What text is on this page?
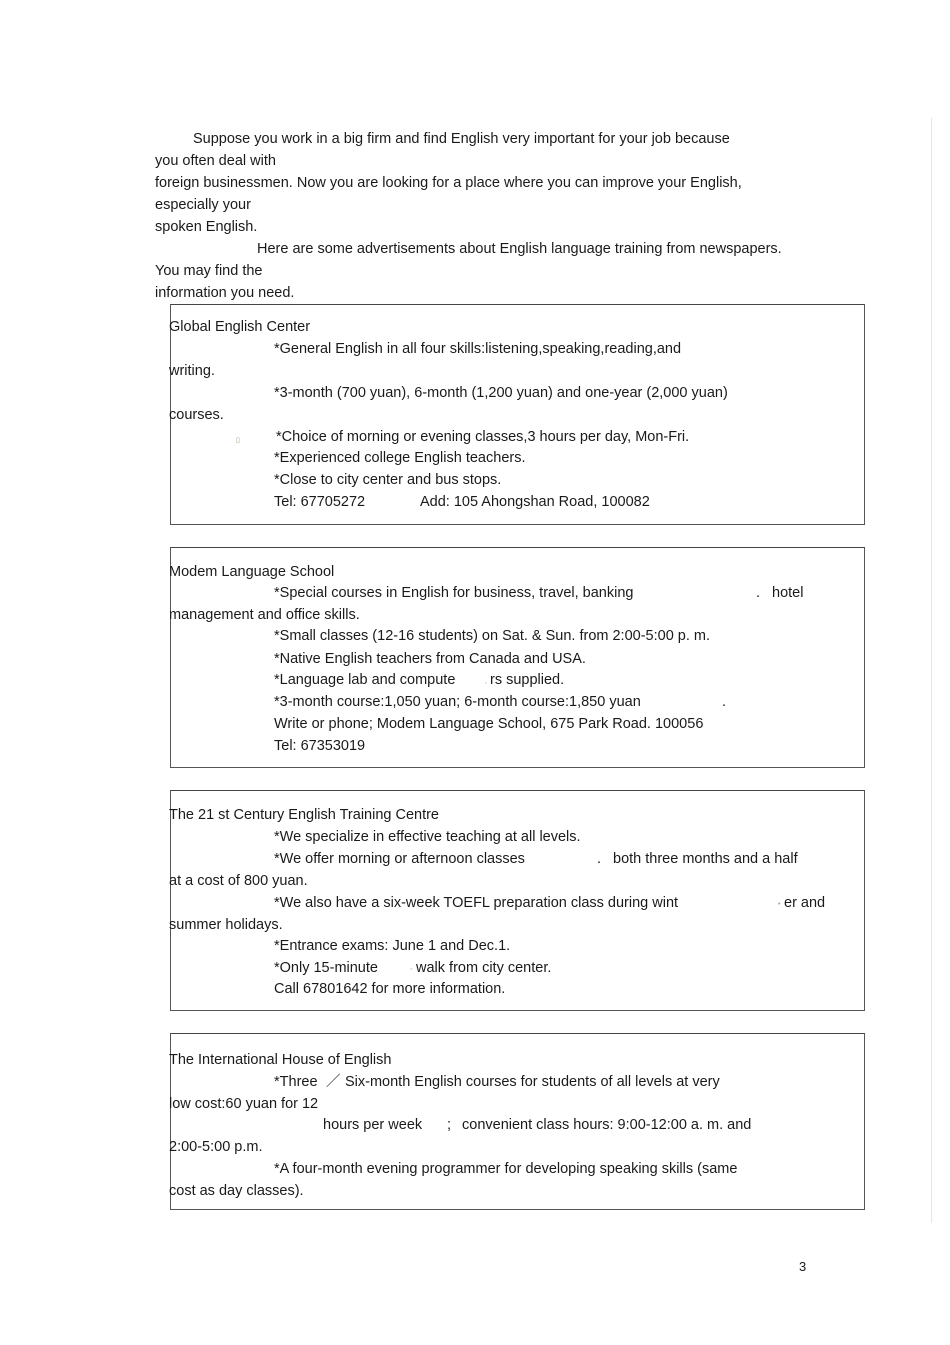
Suppose you work in a big firm and find English very important for your job because
you often deal with
foreign businessmen. Now you are looking for a place where you can improve your English,
especially your
spoken English.
Here are some advertisements about English language training from newspapers.
You may find the
information you need.
Global English Center
*General English in all four skills:listening,speaking,reading,and
writing.
*3-month (700 yuan), 6-month (1,200 yuan) and one-year (2,000 yuan)
courses.
▯ *Choice of morning or evening classes,3 hours per day, Mon-Fri.
*Experienced college English teachers.
*Close to city center and bus stops.
Tel: 67705272	Add: 105 Ahongshan Road, 100082
Modem Language School
*Special courses in English for business, travel, banking	. hotel
management and office skills.
*Small classes (12-16 students) on Sat. & Sun. from 2:00-5:00 p. m.
*Native English teachers from Canada and USA.
*Language lab and compute	, rs supplied.
*3-month course:1,050 yuan; 6-month course:1,850 yuan	.
Write or phone; Modem Language School, 675 Park Road. 100056
Tel: 67353019
The 21 st Century English Training Centre
*We specialize in effective teaching at all levels.
*We offer morning or afternoon classes	. both three months and a half
at a cost of 800 yuan.
*We also have a six-week TOEFL preparation class during wint	• er and
summer holidays.
*Entrance exams: June 1 and Dec.1.
*Only 15-minute	◦ walk from city center.
Call 67801642 for more information.
The International House of English
*Three ／ Six-month English courses for students of all levels at very
low cost:60 yuan for 12
hours per week ; convenient class hours: 9:00-12:00 a. m. and
2:00-5:00 p.m.
*A four-month evening programmer for developing speaking skills (same
cost as day classes).
3
